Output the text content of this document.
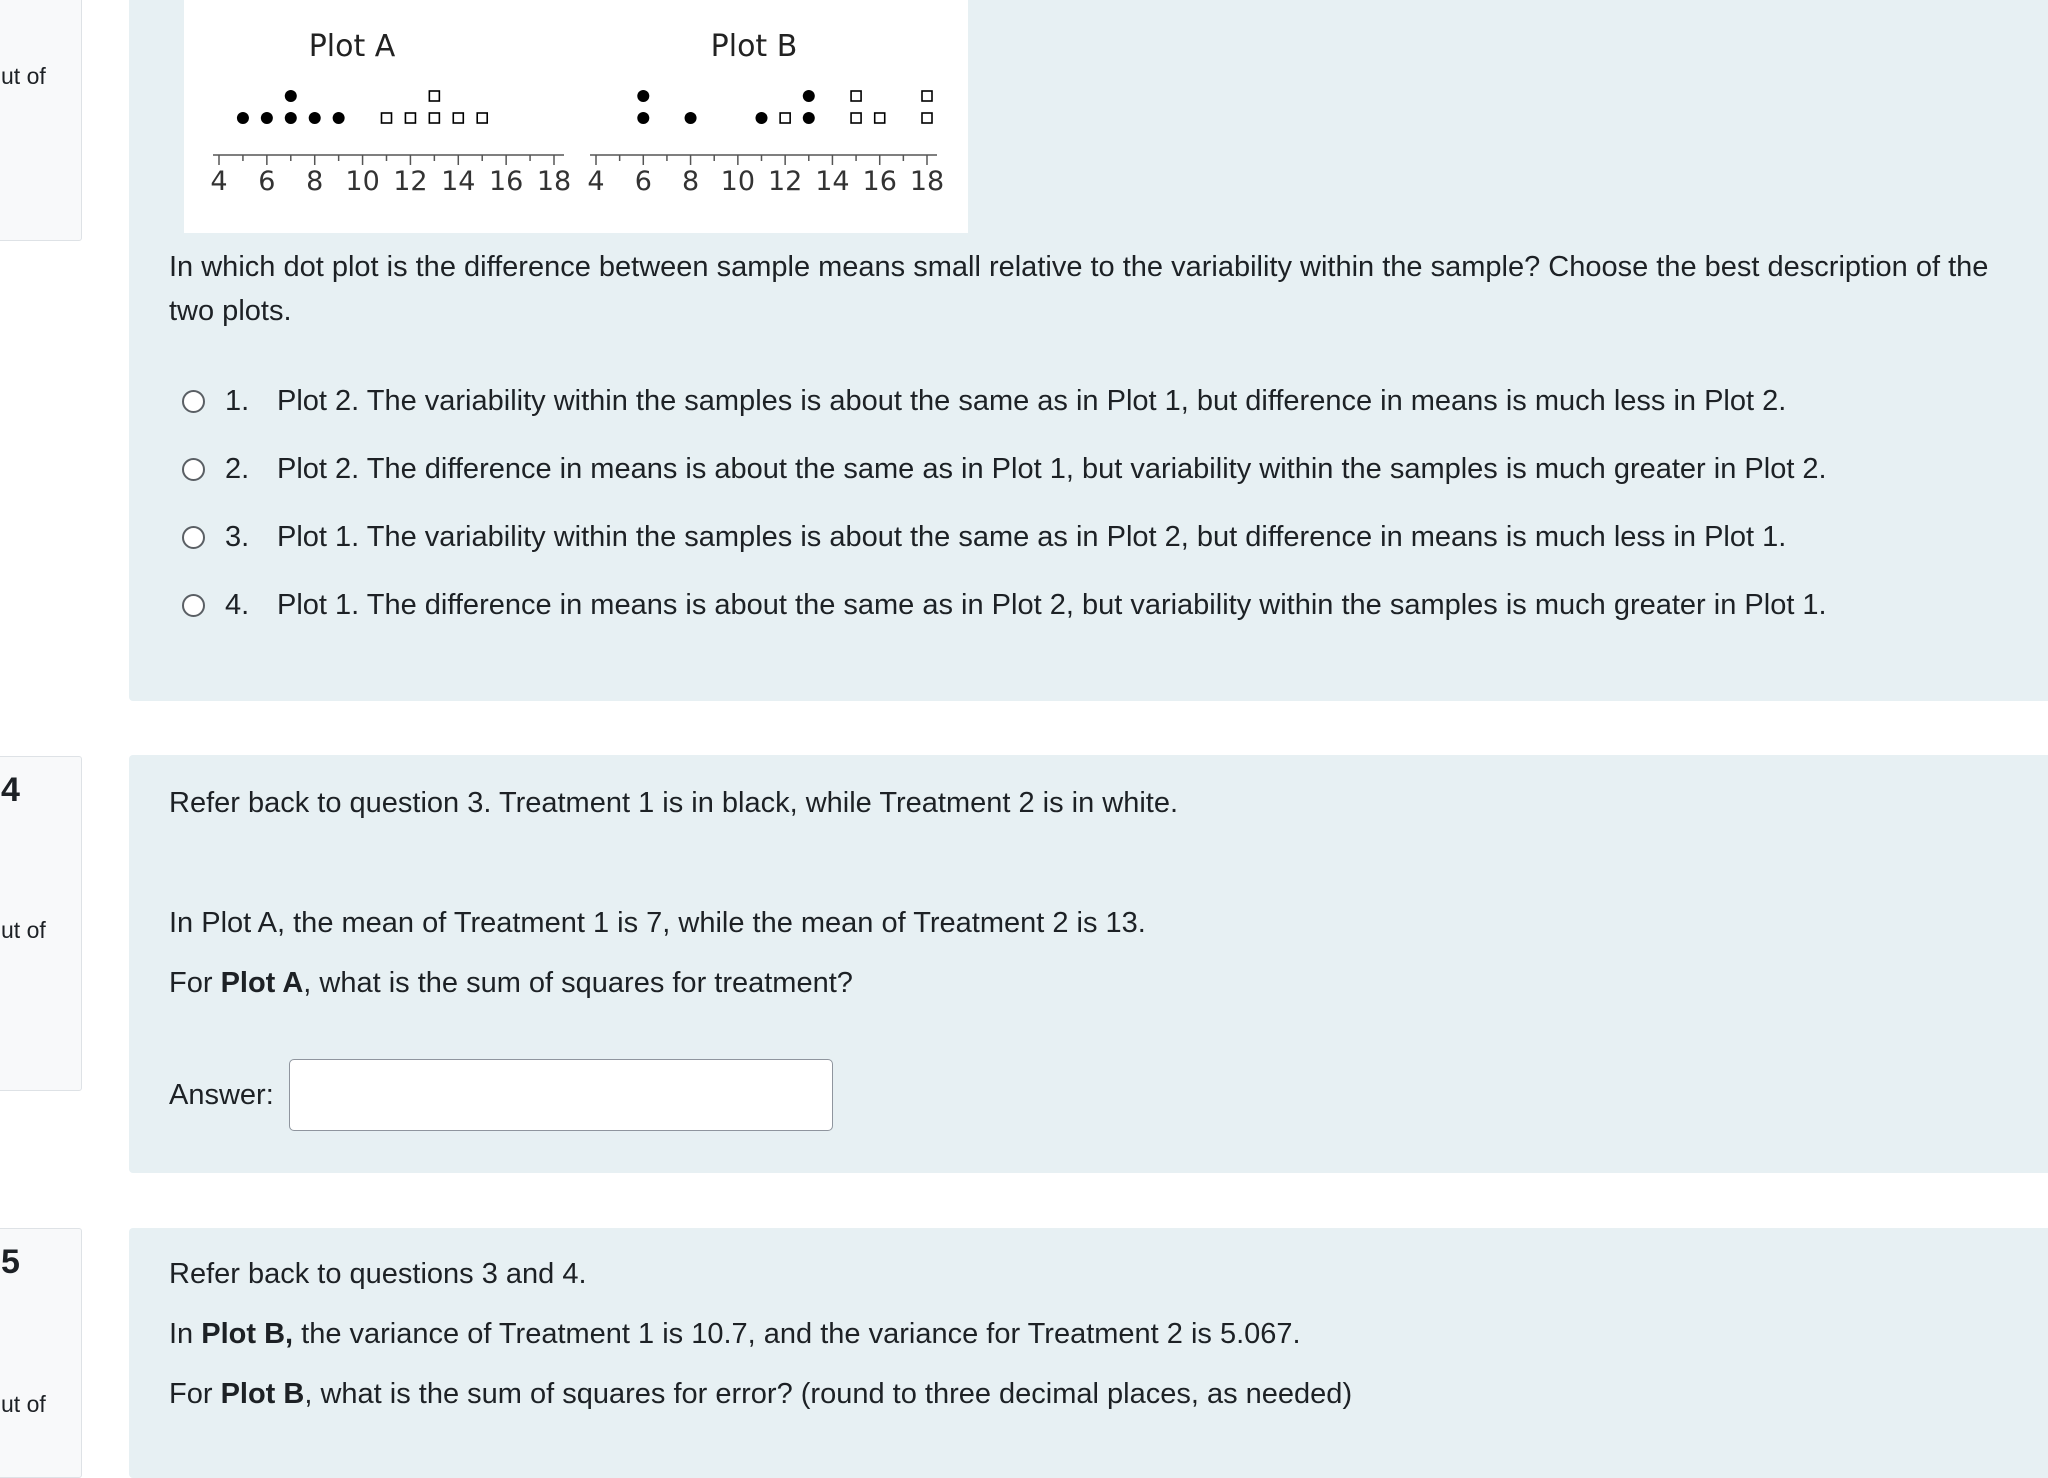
ut of
Plot A
4 6 8 10 12 14 16 18
Plot B
4 6 8 10 12 14 16 18

In which dot plot is the difference between sample means small relative to the variability within the sample? Choose the best description of the two plots.

1. Plot 2. The variability within the samples is about the same as in Plot 1, but difference in means is much less in Plot 2.
2. Plot 2. The difference in means is about the same as in Plot 1, but variability within the samples is much greater in Plot 2.
3. Plot 1. The variability within the samples is about the same as in Plot 2, but difference in means is much less in Plot 1.
4. Plot 1. The difference in means is about the same as in Plot 2, but variability within the samples is much greater in Plot 1.
4
ut of

Refer back to question 3. Treatment 1 is in black, while Treatment 2 is in white.

In Plot A, the mean of Treatment 1 is 7, while the mean of Treatment 2 is 13.

For Plot A, what is the sum of squares for treatment?

Answer:

5
ut of

Refer back to questions 3 and 4.

In Plot B, the variance of Treatment 1 is 10.7, and the variance for Treatment 2 is 5.067.

For Plot B, what is the sum of squares for error? (round to three decimal places, as needed)
